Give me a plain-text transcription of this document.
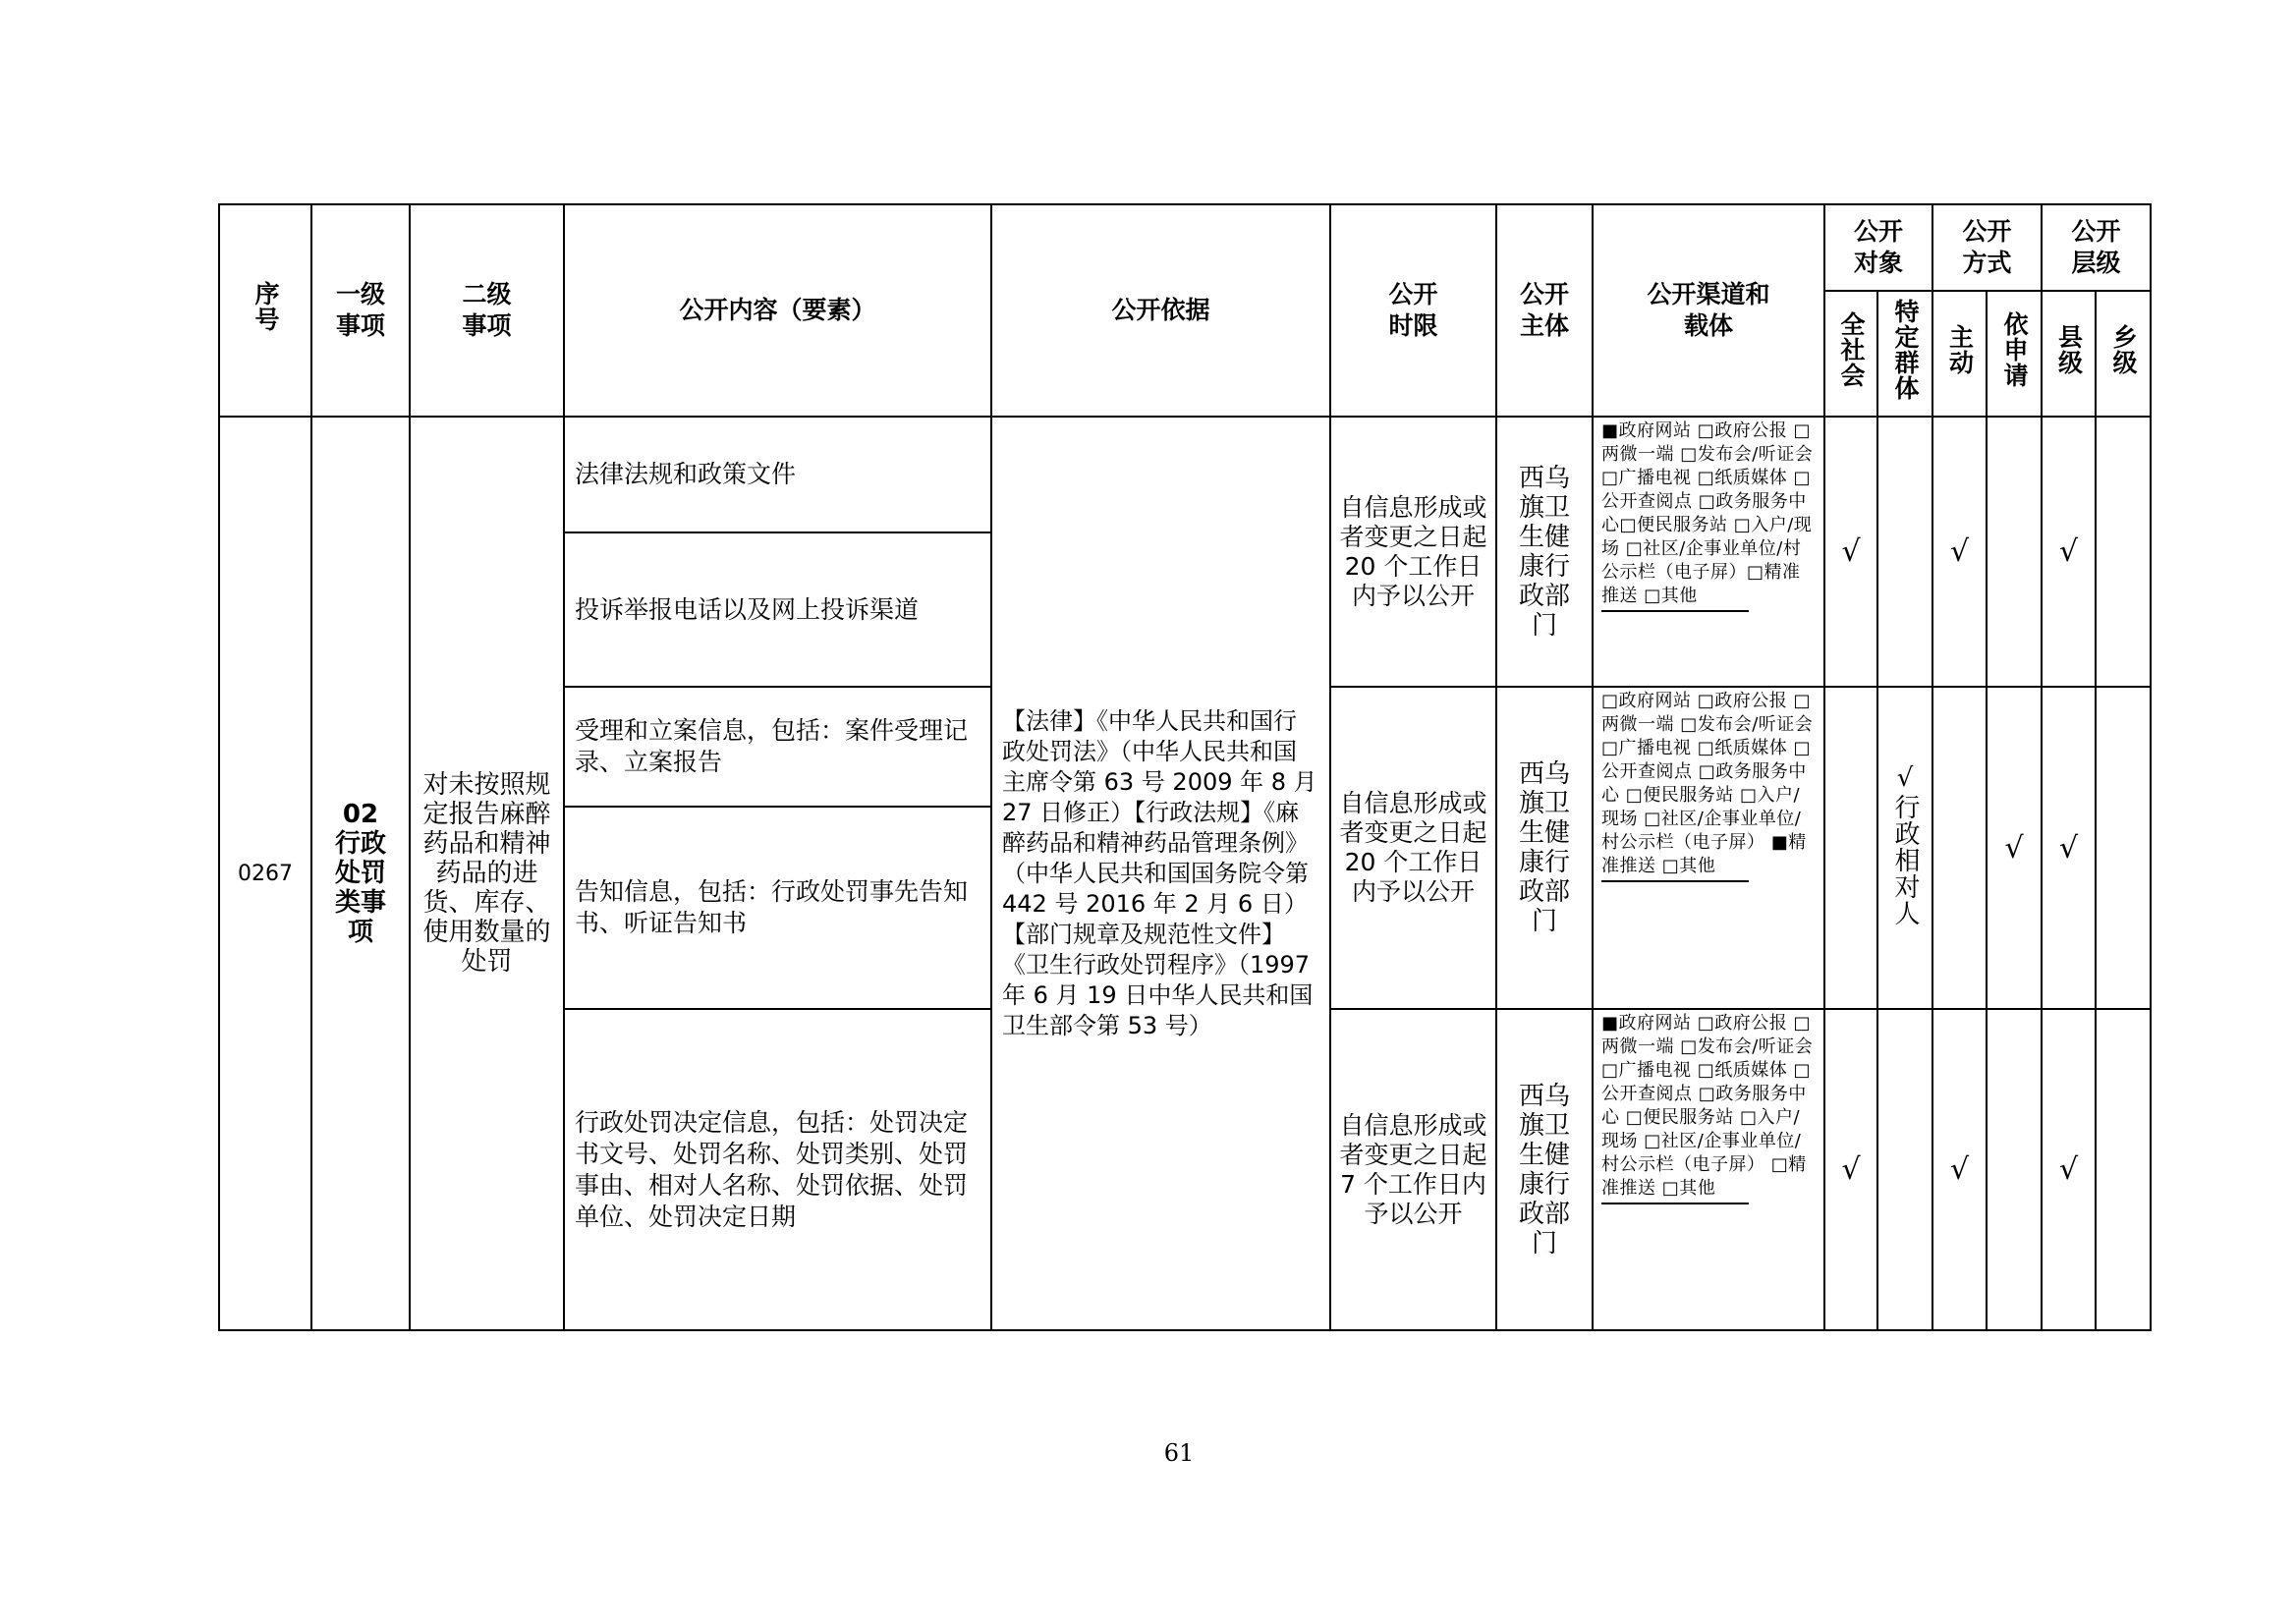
序号	一级事项	二级事项	公开内容（要素）	公开依据	公开时限	公开主体	公开渠道和载体	公开对象		公开方式		公开层级	

								全社会	特定群体	主动	依申请	县级	乡级
0267	02 行政处罚类事项	对未按照规定报告麻醉药品和精神药品的进货、库存、使用数量的处罚	法律法规和政策文件	【法律】《中华人民共和国行政处罚法》（中华人民共和国主席令第 63 号 2009 年 8 月 27 日修正）【行政法规】《麻醉药品和精神药品管理条例》（中华人民共和国国务院令第 442 号 2016 年 2 月 6 日）【部门规章及规范性文件】《卫生行政处罚程序》（1997 年 6 月 19 日中华人民共和国卫生部令第 53 号）	自信息形成或者变更之日起 20 个工作日内予以公开	西乌旗卫生健康行政部门	■政府网站 □政府公报 □两微一端 □发布会/听证会 □广播电视 □纸质媒体 □公开查阅点 □政务服务中心□便民服务站 □入户/现场 □社区/企事业单位/村公示栏（电子屏）□精准推送 □其他	√		√		√	
			投诉举报电话以及网上投诉渠道										
			受理和立案信息，包括：案件受理记录、立案报告		自信息形成或者变更之日起 20 个工作日内予以公开	西乌旗卫生健康行政部门	□政府网站 □政府公报 □两微一端 □发布会/听证会 □广播电视 □纸质媒体 □公开查阅点 □政务服务中心 □便民服务站 □入户/现场 □社区/企事业单位/村公示栏（电子屏） ■精准推送 □其他		√行政相对人		√	√	
			告知信息，包括：行政处罚事先告知书、听证告知书										
			行政处罚决定信息，包括：处罚决定书文号、处罚名称、处罚类别、处罚事由、相对人名称、处罚依据、处罚单位、处罚决定日期		自信息形成或者变更之日起 7 个工作日内予以公开	西乌旗卫生健康行政部门	■政府网站 □政府公报 □两微一端 □发布会/听证会 □广播电视 □纸质媒体 □公开查阅点 □政务服务中心 □便民服务站 □入户/现场 □社区/企事业单位/村公示栏（电子屏） □精准推送 □其他	√		√		√	
61
